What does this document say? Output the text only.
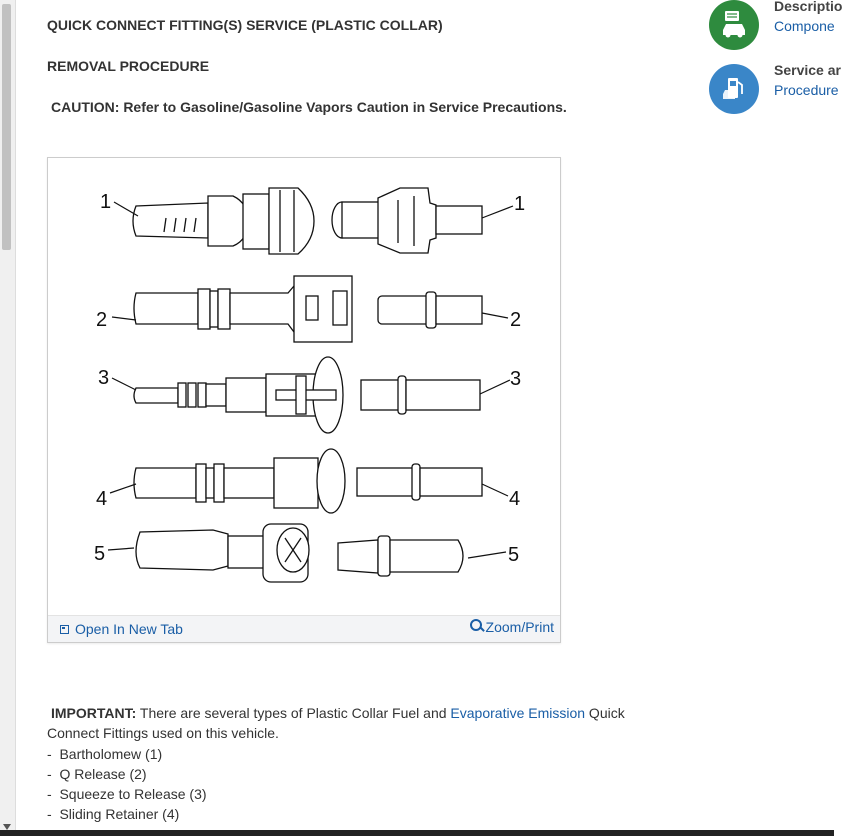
QUICK CONNECT FITTING(S) SERVICE (PLASTIC COLLAR)
REMOVAL PROCEDURE
CAUTION: Refer to Gasoline/Gasoline Vapors Caution in Service Precautions.
1	1
2	2
3	3
4	4
5	5
Open In New Tab	Zoom/Print
IMPORTANT: There are several types of Plastic Collar Fuel and Evaporative Emission Quick Connect Fittings used on this vehicle.
-  Bartholomew (1)
-  Q Release (2)
-  Squeeze to Release (3)
-  Sliding Retainer (4)
Descriptio
Compone
Service ar
Procedure
